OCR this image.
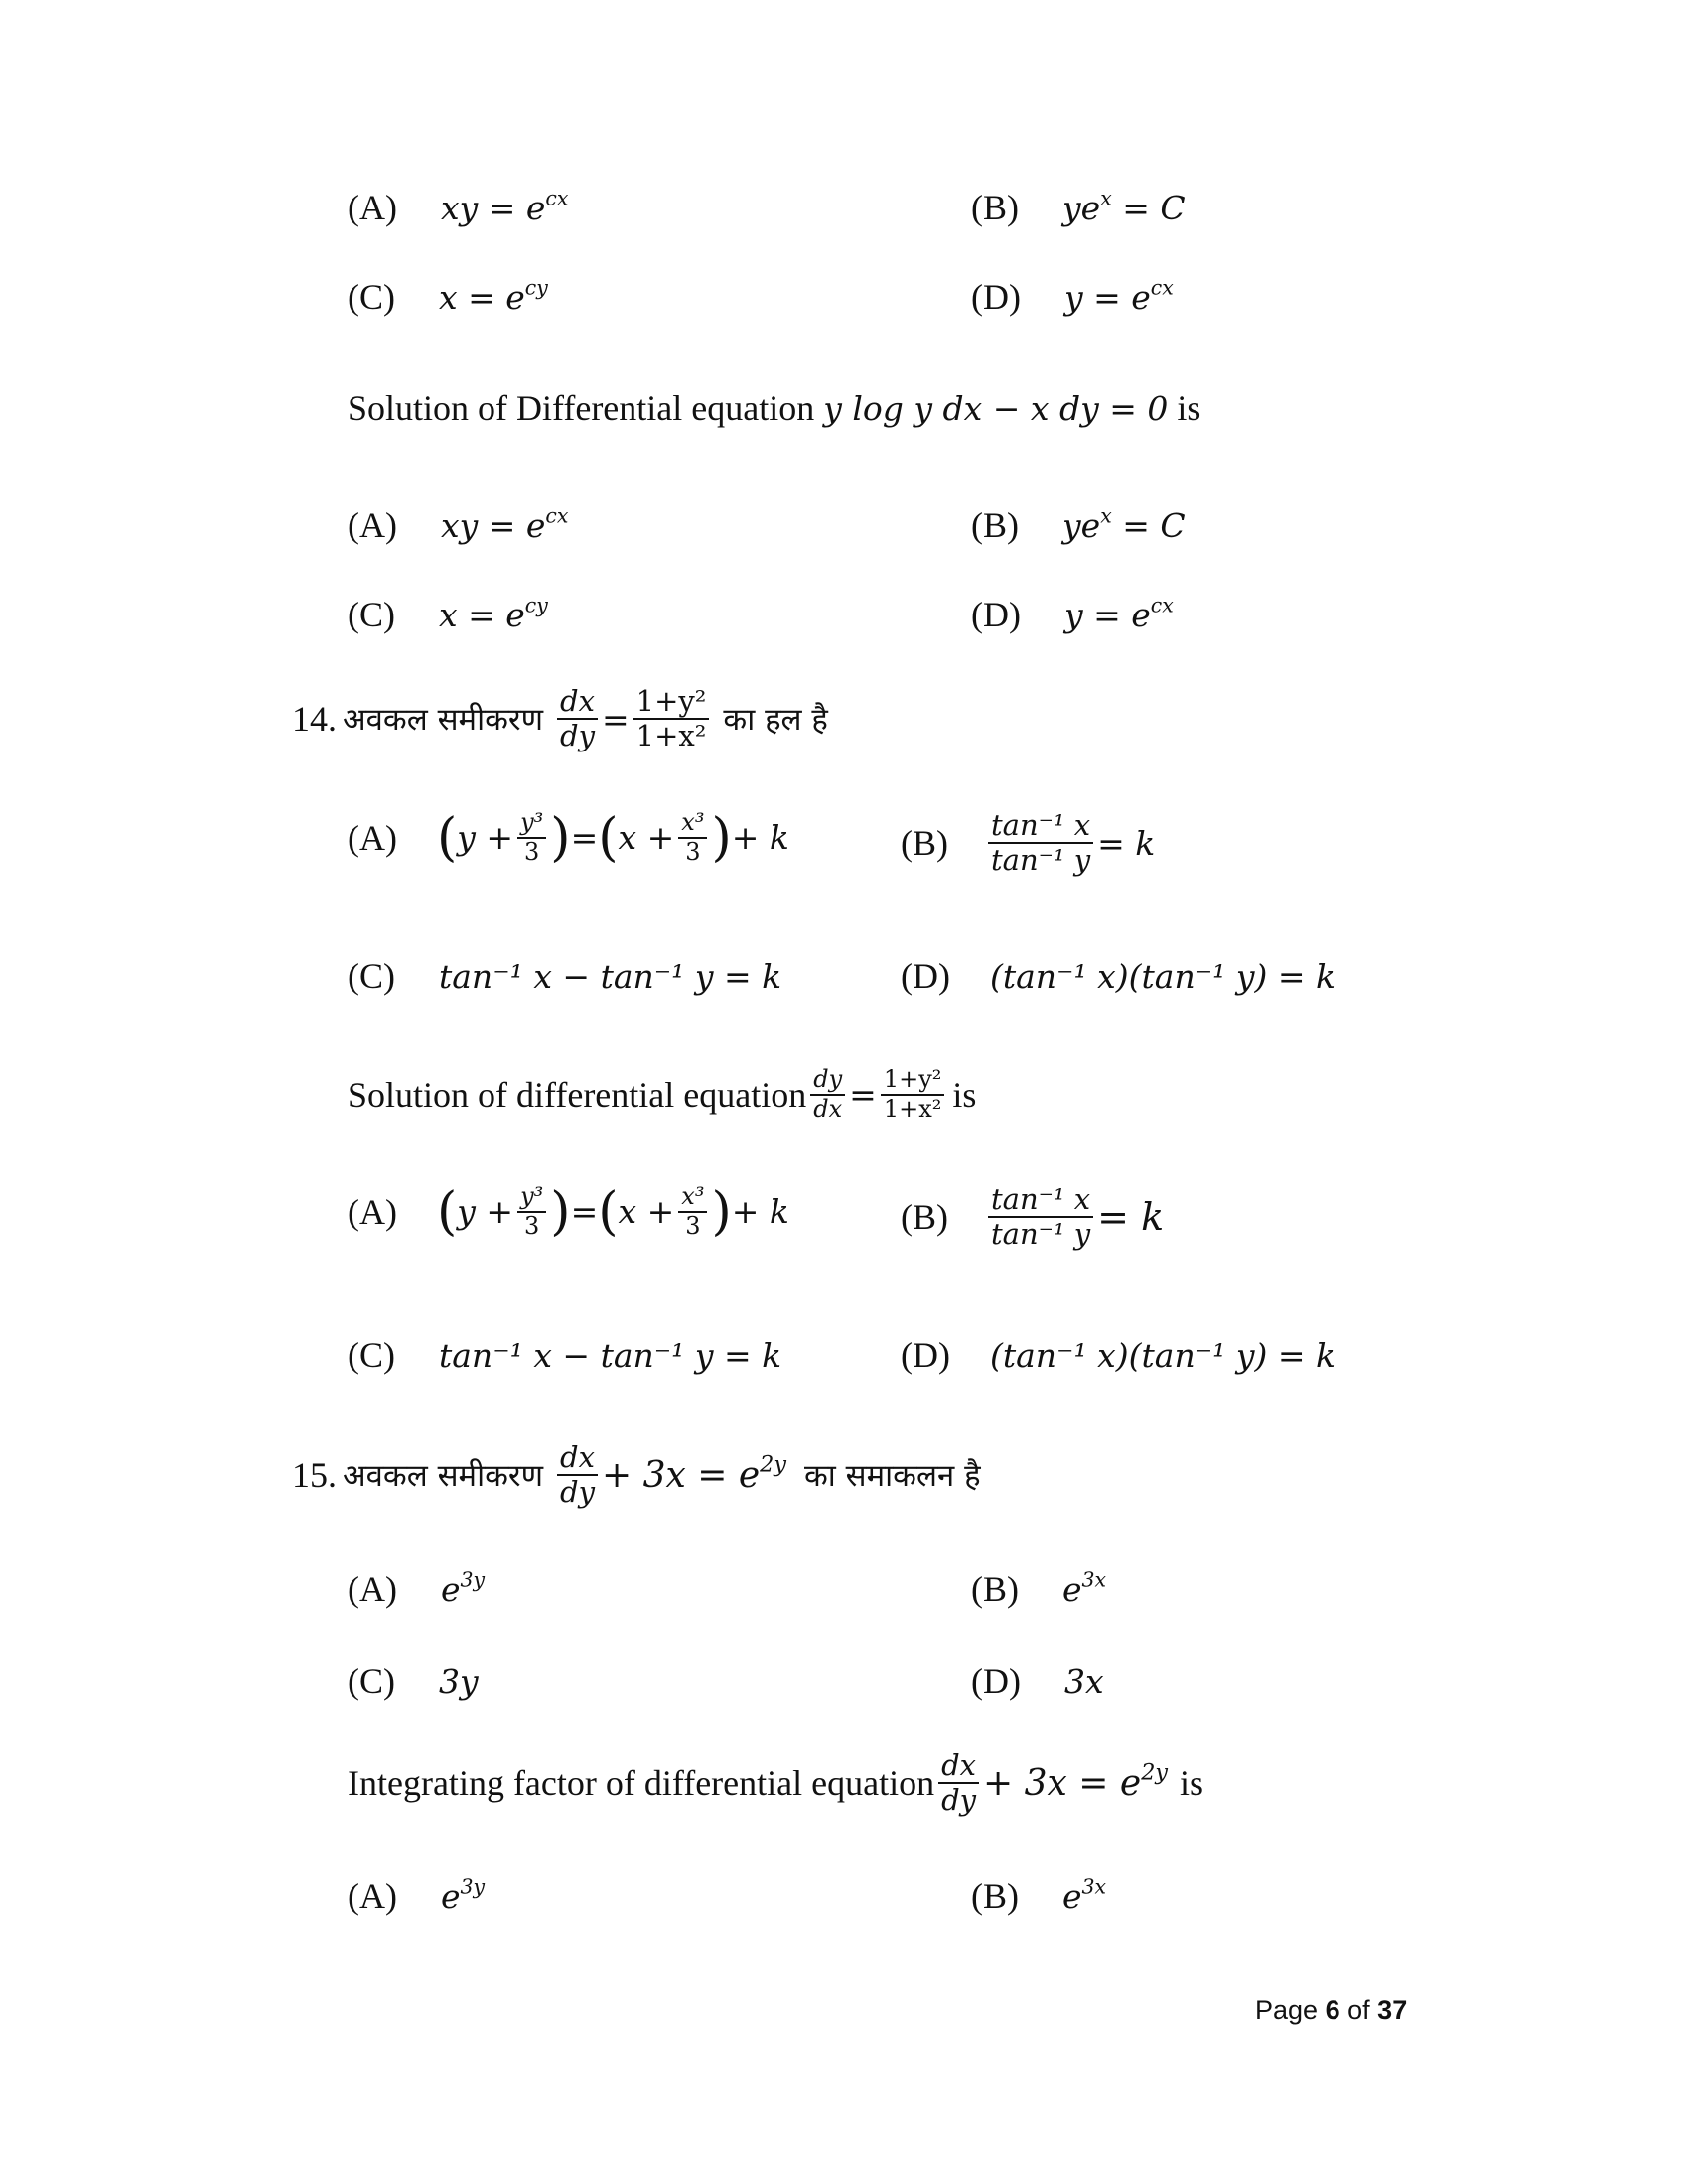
(A) xy = $e^{cx}$	(B) $ye^x = C$
(C) $x = e^{cy}$	(D) $y = e^{cx}$
Solution of Differential equation y log y dx − x dy = 0 is
(A) xy = $e^{cx}$	(B) $ye^x = C$
(C) $x = e^{cy}$	(D) $y = e^{cx}$
14. अवकल समीकरण $\frac{dx}{dy} = \frac{\text{1+y²}}{\text{1+x²}}$ का हल है
(A) ( $y + \frac{\text{y³}}{3}$ ) = ( $x + \frac{\text{x³}}{3}$ ) + k	$(B) \frac{\text{tan⁻¹ x}}{\text{tan⁻¹ y}} = k$
(C) tan⁻¹ x − tan⁻¹ y = k	(D) (tan⁻¹ x)(tan⁻¹ y) = k
Solution of differential equation $\frac{dy}{dx} = \frac{\text{1+y²}}{\text{1+x²}}$ is
(A) ( $y + \frac{\text{y³}}{3}$ ) = ( $x + \frac{\text{x³}}{3}$ ) + k	$(B) \frac{\text{tan⁻¹ x}}{\text{tan⁻¹ y}} = k$
(C) tan⁻¹ x − tan⁻¹ y = k	(D) (tan⁻¹ x)(tan⁻¹ y) = k
15. अवकल समीकरण $\frac{dx}{dy} + 3x = e^{2y}$ का समाकलन है
(A) $e^{3y}$	(B) $e^{3x}$
(C) 3y	(D) 3x
Integrating factor of differential equation $\frac{dx}{dy} + 3x = e^{2y}$ is
(A) $e^{3y}$	(B) $e^{3x}$
Page 6 of 37
